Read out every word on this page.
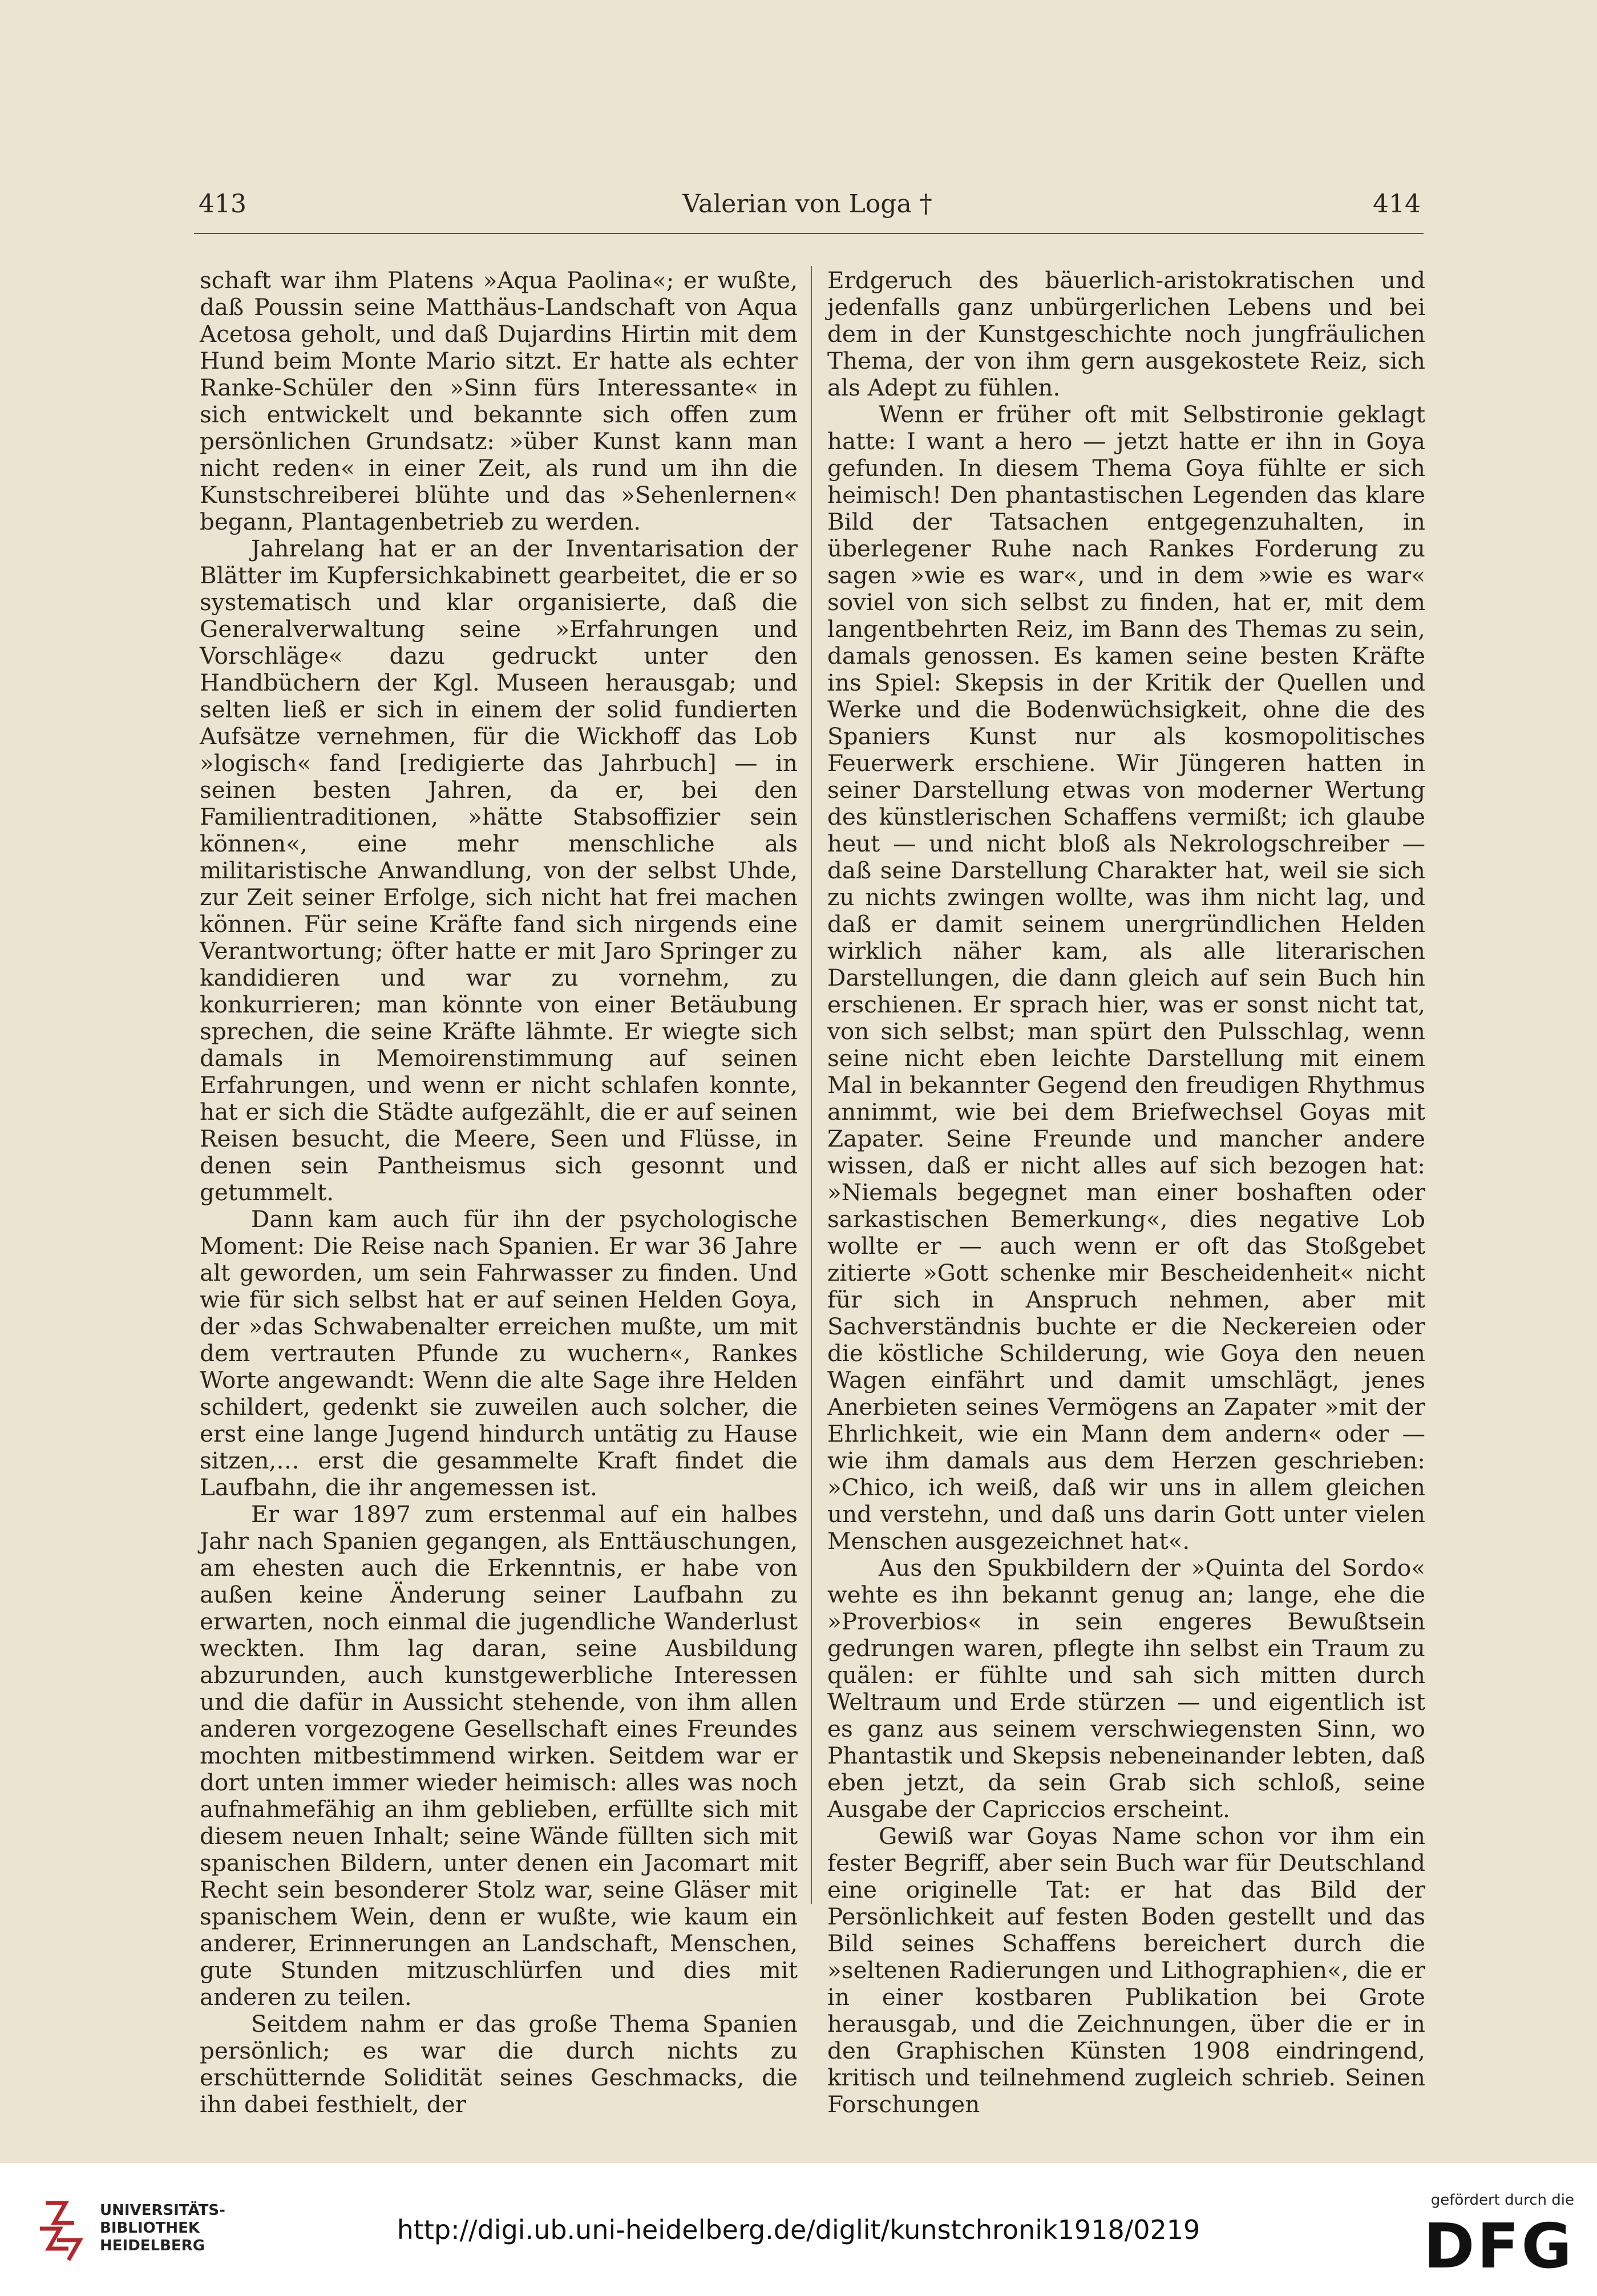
413	Valerian von Loga †	414

schaft war ihm Platens »Aqua Paolina«; er wußte, daß Poussin seine Matthäus-Landschaft von Aqua Acetosa geholt, und daß Dujardins Hirtin mit dem Hund beim Monte Mario sitzt. Er hatte als echter Ranke-Schüler den »Sinn fürs Interessante« in sich entwickelt und bekannte sich offen zum persönlichen Grundsatz: »über Kunst kann man nicht reden« in einer Zeit, als rund um ihn die Kunstschreiberei blühte und das »Sehenlernen« begann, Plantagenbetrieb zu werden.

Jahrelang hat er an der Inventarisation der Blätter im Kupfersichkabinett gearbeitet, die er so systematisch und klar organisierte, daß die Generalverwaltung seine »Erfahrungen und Vorschläge« dazu gedruckt unter den Handbüchern der Kgl. Museen herausgab; und selten ließ er sich in einem der solid fundierten Aufsätze vernehmen, für die Wickhoff das Lob »logisch« fand [redigierte das Jahrbuch] — in seinen besten Jahren, da er, bei den Familientraditionen, »hätte Stabsoffizier sein können«, eine mehr menschliche als militaristische Anwandlung, von der selbst Uhde, zur Zeit seiner Erfolge, sich nicht hat frei machen können. Für seine Kräfte fand sich nirgends eine Verantwortung; öfter hatte er mit Jaro Springer zu kandidieren und war zu vornehm, zu konkurrieren; man könnte von einer Betäubung sprechen, die seine Kräfte lähmte. Er wiegte sich damals in Memoirenstimmung auf seinen Erfahrungen, und wenn er nicht schlafen konnte, hat er sich die Städte aufgezählt, die er auf seinen Reisen besucht, die Meere, Seen und Flüsse, in denen sein Pantheismus sich gesonnt und getummelt.

Dann kam auch für ihn der psychologische Moment: Die Reise nach Spanien. Er war 36 Jahre alt geworden, um sein Fahrwasser zu finden. Und wie für sich selbst hat er auf seinen Helden Goya, der »das Schwabenalter erreichen mußte, um mit dem vertrauten Pfunde zu wuchern«, Rankes Worte angewandt: Wenn die alte Sage ihre Helden schildert, gedenkt sie zuweilen auch solcher, die erst eine lange Jugend hindurch untätig zu Hause sitzen,… erst die gesammelte Kraft findet die Laufbahn, die ihr angemessen ist.

Er war 1897 zum erstenmal auf ein halbes Jahr nach Spanien gegangen, als Enttäuschungen, am ehesten auch die Erkenntnis, er habe von außen keine Änderung seiner Laufbahn zu erwarten, noch einmal die jugendliche Wanderlust weckten. Ihm lag daran, seine Ausbildung abzurunden, auch kunstgewerbliche Interessen und die dafür in Aussicht stehende, von ihm allen anderen vorgezogene Gesellschaft eines Freundes mochten mitbestimmend wirken. Seitdem war er dort unten immer wieder heimisch: alles was noch aufnahmefähig an ihm geblieben, erfüllte sich mit diesem neuen Inhalt; seine Wände füllten sich mit spanischen Bildern, unter denen ein Jacomart mit Recht sein besonderer Stolz war, seine Gläser mit spanischem Wein, denn er wußte, wie kaum ein anderer, Erinnerungen an Landschaft, Menschen, gute Stunden mitzuschlürfen und dies mit anderen zu teilen.

Seitdem nahm er das große Thema Spanien persönlich; es war die durch nichts zu erschütternde Solidität seines Geschmacks, die ihn dabei festhielt, der

Erdgeruch des bäuerlich-aristokratischen und jedenfalls ganz unbürgerlichen Lebens und bei dem in der Kunstgeschichte noch jungfräulichen Thema, der von ihm gern ausgekostete Reiz, sich als Adept zu fühlen.

Wenn er früher oft mit Selbstironie geklagt hatte: I want a hero — jetzt hatte er ihn in Goya gefunden. In diesem Thema Goya fühlte er sich heimisch! Den phantastischen Legenden das klare Bild der Tatsachen entgegenzuhalten, in überlegener Ruhe nach Rankes Forderung zu sagen »wie es war«, und in dem »wie es war« soviel von sich selbst zu finden, hat er, mit dem langentbehrten Reiz, im Bann des Themas zu sein, damals genossen. Es kamen seine besten Kräfte ins Spiel: Skepsis in der Kritik der Quellen und Werke und die Bodenwüchsigkeit, ohne die des Spaniers Kunst nur als kosmopolitisches Feuerwerk erschiene. Wir Jüngeren hatten in seiner Darstellung etwas von moderner Wertung des künstlerischen Schaffens vermißt; ich glaube heut — und nicht bloß als Nekrologschreiber — daß seine Darstellung Charakter hat, weil sie sich zu nichts zwingen wollte, was ihm nicht lag, und daß er damit seinem unergründlichen Helden wirklich näher kam, als alle literarischen Darstellungen, die dann gleich auf sein Buch hin erschienen. Er sprach hier, was er sonst nicht tat, von sich selbst; man spürt den Pulsschlag, wenn seine nicht eben leichte Darstellung mit einem Mal in bekannter Gegend den freudigen Rhythmus annimmt, wie bei dem Briefwechsel Goyas mit Zapater. Seine Freunde und mancher andere wissen, daß er nicht alles auf sich bezogen hat: »Niemals begegnet man einer boshaften oder sarkastischen Bemerkung«, dies negative Lob wollte er — auch wenn er oft das Stoßgebet zitierte »Gott schenke mir Bescheidenheit« nicht für sich in Anspruch nehmen, aber mit Sachverständnis buchte er die Neckereien oder die köstliche Schilderung, wie Goya den neuen Wagen einfährt und damit umschlägt, jenes Anerbieten seines Vermögens an Zapater »mit der Ehrlichkeit, wie ein Mann dem andern« oder — wie ihm damals aus dem Herzen geschrieben: »Chico, ich weiß, daß wir uns in allem gleichen und verstehn, und daß uns darin Gott unter vielen Menschen ausgezeichnet hat«.

Aus den Spukbildern der »Quinta del Sordo« wehte es ihn bekannt genug an; lange, ehe die »Proverbios« in sein engeres Bewußtsein gedrungen waren, pflegte ihn selbst ein Traum zu quälen: er fühlte und sah sich mitten durch Weltraum und Erde stürzen — und eigentlich ist es ganz aus seinem verschwiegensten Sinn, wo Phantastik und Skepsis nebeneinander lebten, daß eben jetzt, da sein Grab sich schloß, seine Ausgabe der Capriccios erscheint.

Gewiß war Goyas Name schon vor ihm ein fester Begriff, aber sein Buch war für Deutschland eine originelle Tat: er hat das Bild der Persönlichkeit auf festen Boden gestellt und das Bild seines Schaffens bereichert durch die »seltenen Radierungen und Lithographien«, die er in einer kostbaren Publikation bei Grote herausgab, und die Zeichnungen, über die er in den Graphischen Künsten 1908 eindringend, kritisch und teilnehmend zugleich schrieb. Seinen Forschungen

UNIVERSITÄTS-
BIBLIOTHEK
HEIDELBERG
http://digi.ub.uni-heidelberg.de/diglit/kunstchronik1918/0219
gefördert durch die
DFG
